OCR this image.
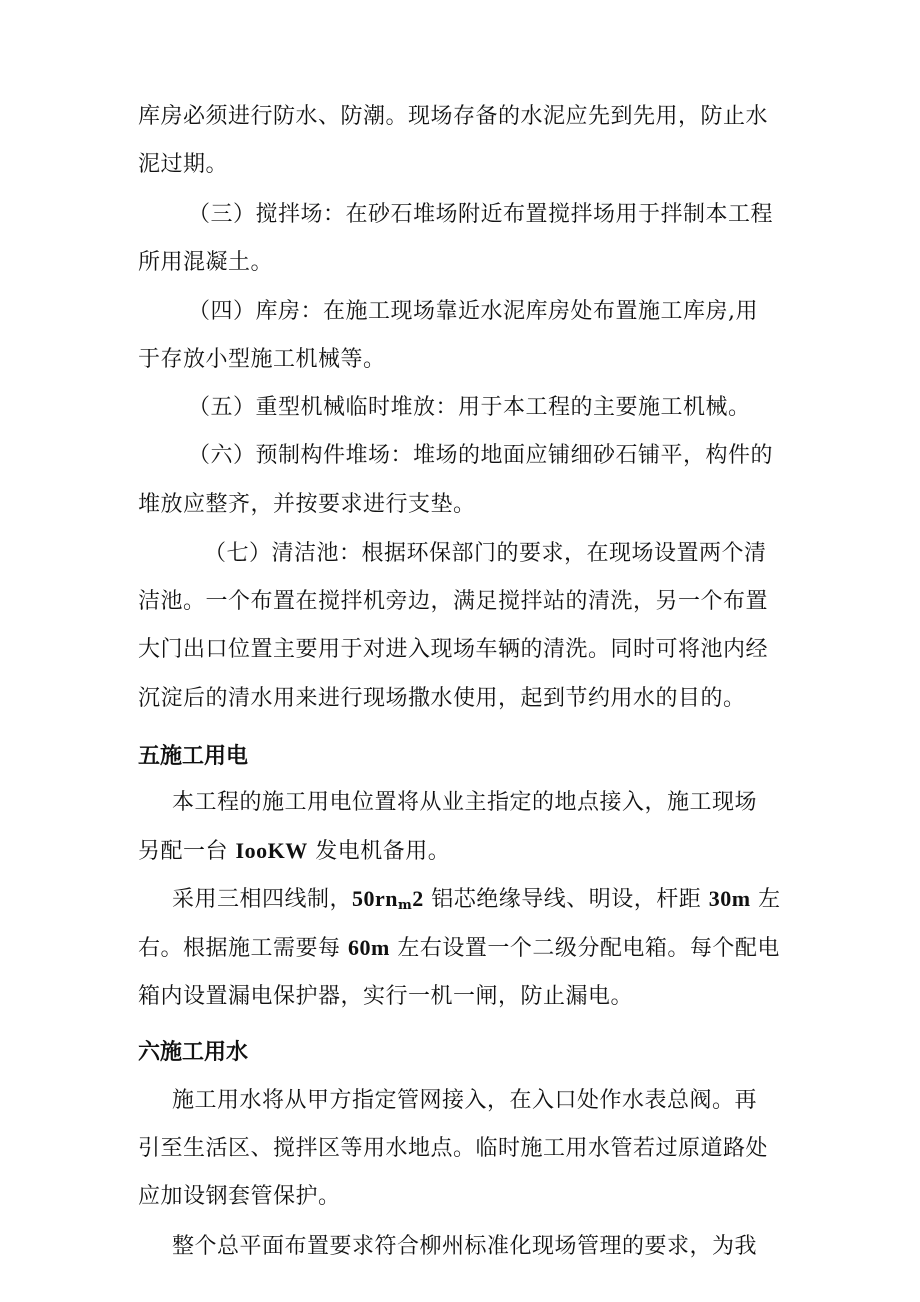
库房必须进行防水、防潮。现场存备的水泥应先到先用，防止水
泥过期。
（三）搅拌场：在砂石堆场附近布置搅拌场用于拌制本工程
所用混凝土。
（四）库房：在施工现场靠近水泥库房处布置施工库房,用
于存放小型施工机械等。
（五）重型机械临时堆放：用于本工程的主要施工机械。
（六）预制构件堆场：堆场的地面应铺细砂石铺平，构件的
堆放应整齐，并按要求进行支垫。
（七）清洁池：根据环保部门的要求，在现场设置两个清
洁池。一个布置在搅拌机旁边，满足搅拌站的清洗，另一个布置
大门出口位置主要用于对进入现场车辆的清洗。同时可将池内经
沉淀后的清水用来进行现场撒水使用，起到节约用水的目的。
五施工用电
本工程的施工用电位置将从业主指定的地点接入，施工现场
另配一台 IooKW 发电机备用。
采用三相四线制，$50rn_m2$ 铝芯绝缘导线、明设，杆距 30m 左
右。根据施工需要每 60m 左右设置一个二级分配电箱。每个配电
箱内设置漏电保护器，实行一机一闸，防止漏电。
六施工用水
施工用水将从甲方指定管网接入，在入口处作水表总阀。再
引至生活区、搅拌区等用水地点。临时施工用水管若过原道路处
应加设钢套管保护。
整个总平面布置要求符合柳州标准化现场管理的要求，为我
